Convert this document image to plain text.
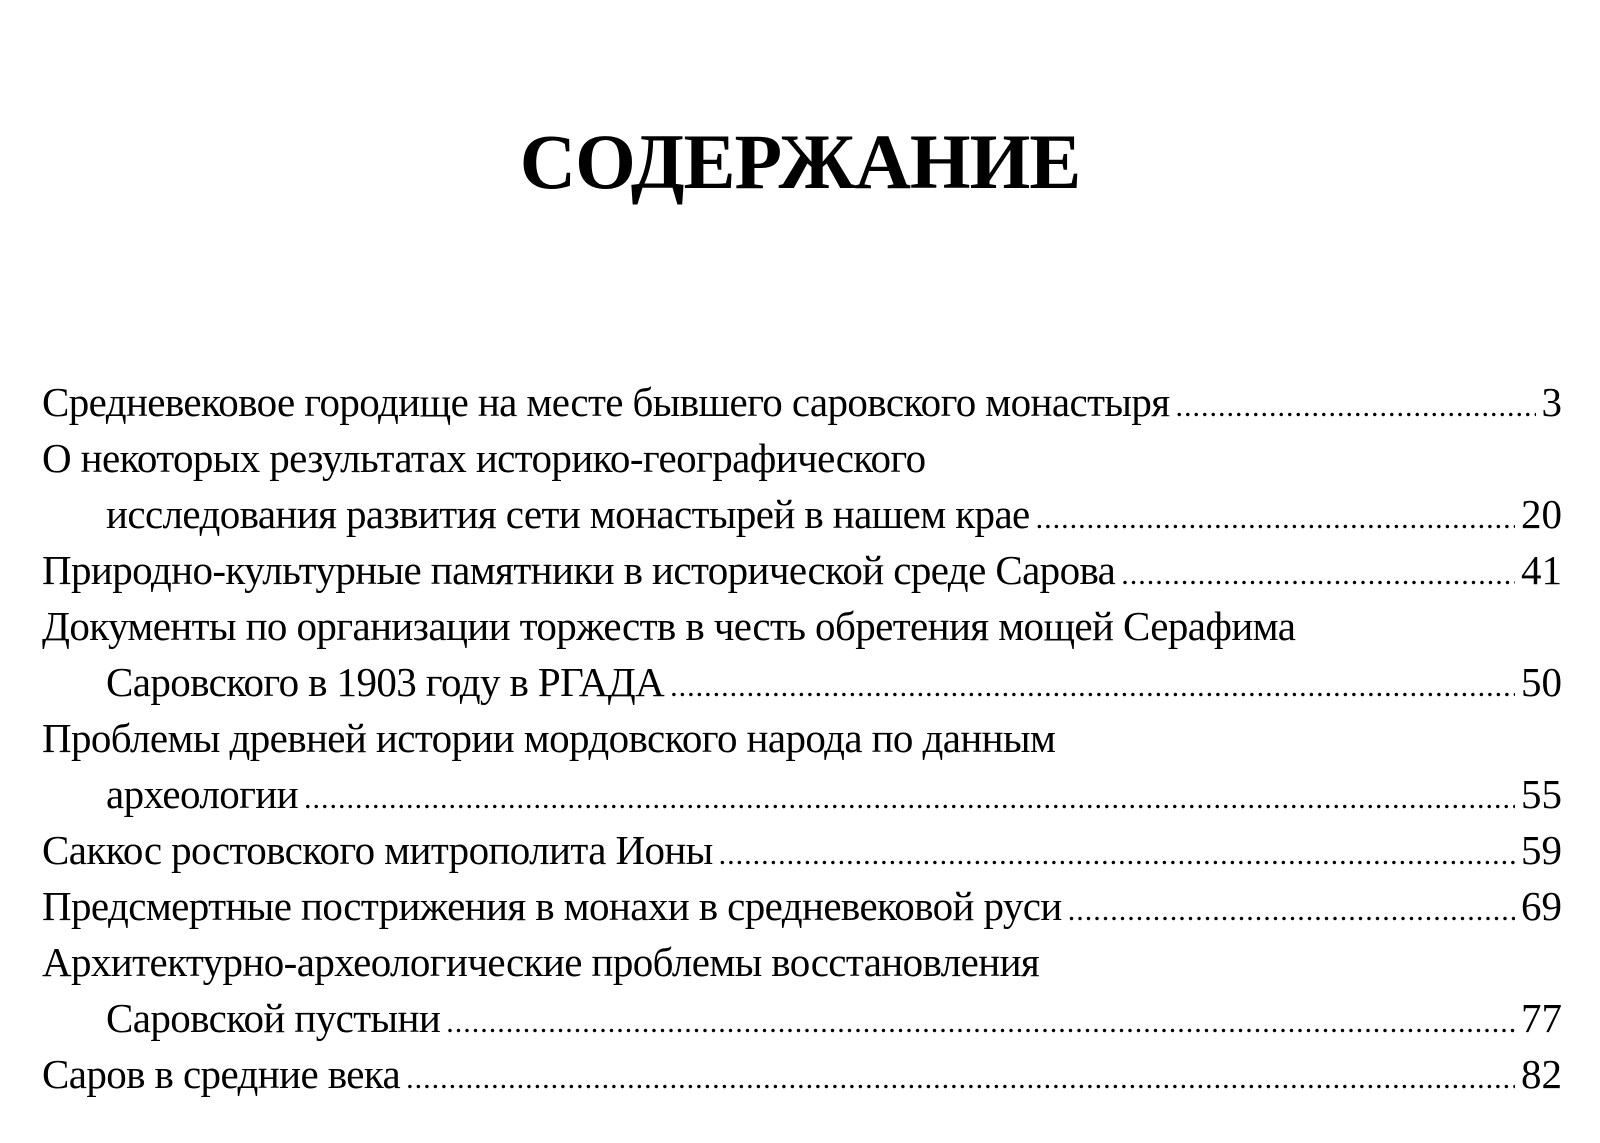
СОДЕРЖАНИЕ
Средневековое городище на месте бывшего саровского монастыря .....	3
О некоторых результатах историко-географического
исследования развития сети монастырей в нашем крае .....	20
Природно-культурные памятники в исторической среде Сарова .....	41
Документы по организации торжеств в честь обретения мощей Серафима
Саровского в 1903 году в РГАДА .....	50
Проблемы древней истории мордовского народа по данным
археологии .....	55
Саккос ростовского митрополита Ионы .....	59
Предсмертные пострижения в монахи в средневековой руси .....	69
Архитектурно-археологические проблемы восстановления
Саровской пустыни .....	77
Саров в средние века .....	82
